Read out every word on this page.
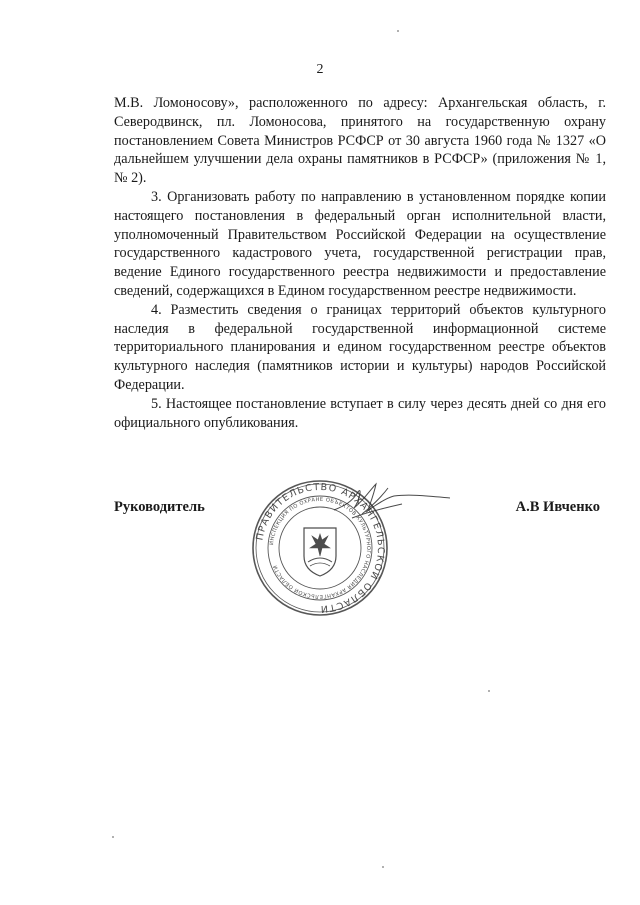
2

М.В. Ломоносову», расположенного по адресу: Архангельская область, г. Северодвинск, пл. Ломоносова, принятого на государственную охрану постановлением Совета Министров РСФСР от 30 августа 1960 года № 1327 «О дальнейшем улучшении дела охраны памятников в РСФСР» (приложения № 1, № 2).

3. Организовать работу по направлению в установленном порядке копии настоящего постановления в федеральный орган исполнительной власти, уполномоченный Правительством Российской Федерации на осуществление государственного кадастрового учета, государственной регистрации прав, ведение Единого государственного реестра недвижимости и предоставление сведений, содержащихся в Едином государственном реестре недвижимости.

4. Разместить сведения о границах территорий объектов культурного наследия в федеральной государственной информационной системе территориального планирования и едином государственном реестре объектов культурного наследия (памятников истории и культуры) народов Российской Федерации.

5. Настоящее постановление вступает в силу через десять дней со дня его официального опубликования.

Руководитель	А.В Ивченко
ПРАВИТЕЛЬСТВО АРХАНГЕЛЬСКОЙ ОБЛАСТИ
ИНСПЕКЦИЯ ПО ОХРАНЕ ОБЪЕКТОВ КУЛЬТУРНОГО НАСЛЕДИЯ АРХАНГЕЛЬСКОЙ ОБЛАСТИ
